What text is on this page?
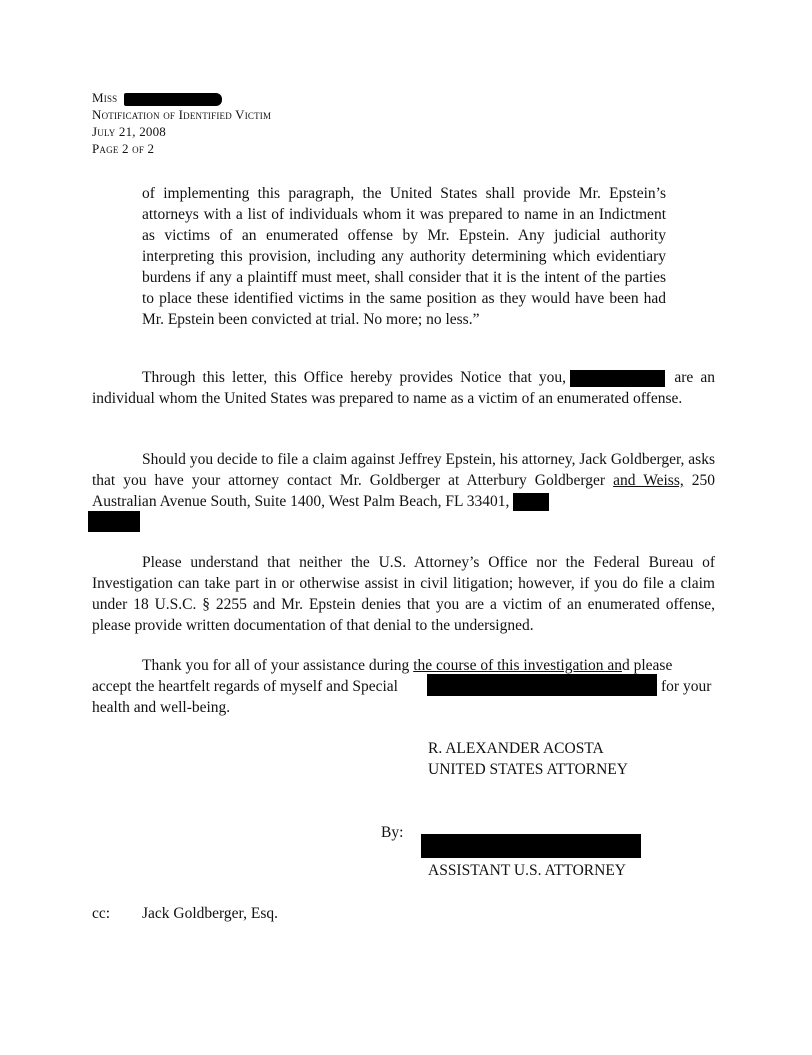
Miss
Notification of Identified Victim
July 21, 2008
Page 2 of 2

of implementing this paragraph, the United States shall provide Mr. Epstein’s attorneys with a list of individuals whom it was prepared to name in an Indictment as victims of an enumerated offense by Mr. Epstein. Any judicial authority interpreting this provision, including any authority determining which evidentiary burdens if any a plaintiff must meet, shall consider that it is the intent of the parties to place these identified victims in the same position as they would have been had Mr. Epstein been convicted at trial. No more; no less.”

Through this letter, this Office hereby provides Notice that you,	are an individual whom the United States was prepared to name as a victim of an enumerated offense.
Should you decide to file a claim against Jeffrey Epstein, his attorney, Jack Goldberger, asks that you have your attorney contact Mr. Goldberger at Atterbury Goldberger and Weiss, 250 Australian Avenue South, Suite 1400, West Palm Beach, FL 33401,

Please understand that neither the U.S. Attorney’s Office nor the Federal Bureau of Investigation can take part in or otherwise assist in civil litigation; however, if you do file a claim under 18 U.S.C. § 2255 and Mr. Epstein denies that you are a victim of an enumerated offense, please provide written documentation of that denial to the undersigned.

Thank you for all of your assistance during the course of this investigation and please
accept the heartfelt regards of myself and Special	for your
health and well-being.
R. ALEXANDER ACOSTA
UNITED STATES ATTORNEY
By:
ASSISTANT U.S. ATTORNEY
cc: Jack Goldberger, Esq.
